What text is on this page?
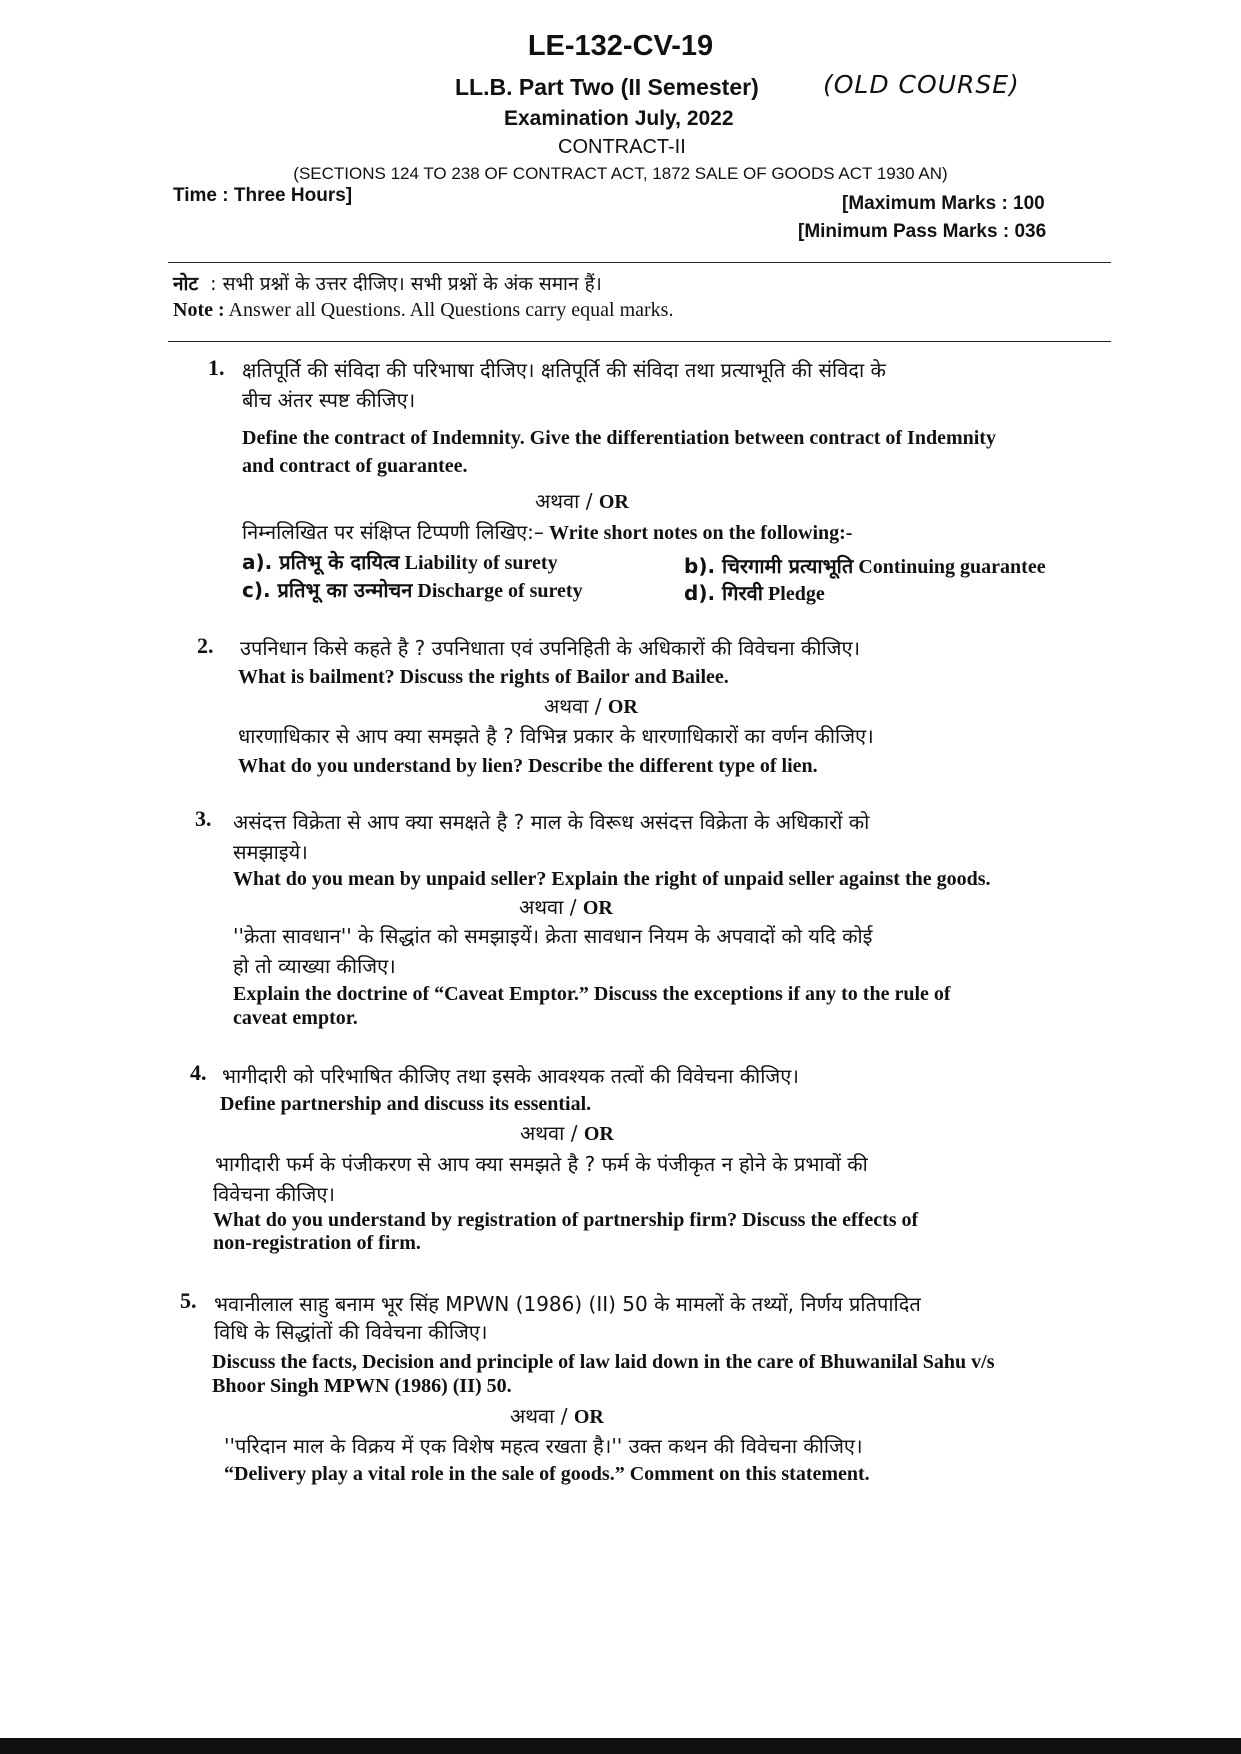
LE-132-CV-19
LL.B. Part Two (II Semester)	(OLD COURSE)
Examination July, 2022
CONTRACT-II
(SECTIONS 124 TO 238 OF CONTRACT ACT, 1872 SALE OF GOODS ACT 1930 AN)
Time : Three Hours]	[Maximum Marks : 100
[Minimum Pass Marks : 036
नोट : सभी प्रश्नों के उत्तर दीजिए। सभी प्रश्नों के अंक समान हैं।
Note : Answer all Questions. All Questions carry equal marks.
1. क्षतिपूर्ति की संविदा की परिभाषा दीजिए। क्षतिपूर्ति की संविदा तथा प्रत्याभूति की संविदा के
बीच अंतर स्पष्ट कीजिए।
Define the contract of Indemnity. Give the differentiation between contract of Indemnity
and contract of guarantee.
अथवा / OR
निम्नलिखित पर संक्षिप्त टिप्पणी लिखिए:– Write short notes on the following:-
a). प्रतिभू के दायित्व Liability of surety	b). चिरगामी प्रत्याभूति Continuing guarantee
c). प्रतिभू का उन्मोचन Discharge of surety	d). गिरवी Pledge
2. उपनिधान किसे कहते है ? उपनिधाता एवं उपनिहिती के अधिकारों की विवेचना कीजिए।
What is bailment? Discuss the rights of Bailor and Bailee.
अथवा / OR
धारणाधिकार से आप क्या समझते है ? विभिन्न प्रकार के धारणाधिकारों का वर्णन कीजिए।
What do you understand by lien? Describe the different type of lien.
3. असंदत्त विक्रेता से आप क्या समक्षते है ? माल के विरूध असंदत्त विक्रेता के अधिकारों को
समझाइये।
What do you mean by unpaid seller? Explain the right of unpaid seller against the goods.
अथवा / OR
''क्रेता सावधान'' के सिद्धांत को समझाइयें। क्रेता सावधान नियम के अपवादों को यदि कोई
हो तो व्याख्या कीजिए।
Explain the doctrine of “Caveat Emptor.” Discuss the exceptions if any to the rule of
caveat emptor.
4. भागीदारी को परिभाषित कीजिए तथा इसके आवश्यक तत्वों की विवेचना कीजिए।
Define partnership and discuss its essential.
अथवा / OR
भागीदारी फर्म के पंजीकरण से आप क्या समझते है ? फर्म के पंजीकृत न होने के प्रभावों की
विवेचना कीजिए।
What do you understand by registration of partnership firm? Discuss the effects of
non-registration of firm.
5. भवानीलाल साहु बनाम भूर सिंह MPWN (1986) (II) 50 के मामलों के तथ्यों, निर्णय प्रतिपादित
विधि के सिद्धांतों की विवेचना कीजिए।
Discuss the facts, Decision and principle of law laid down in the care of Bhuwanilal Sahu v/s
Bhoor Singh MPWN (1986) (II) 50.
अथवा / OR
''परिदान माल के विक्रय में एक विशेष महत्व रखता है।'' उक्त कथन की विवेचना कीजिए।
“Delivery play a vital role in the sale of goods.” Comment on this statement.
